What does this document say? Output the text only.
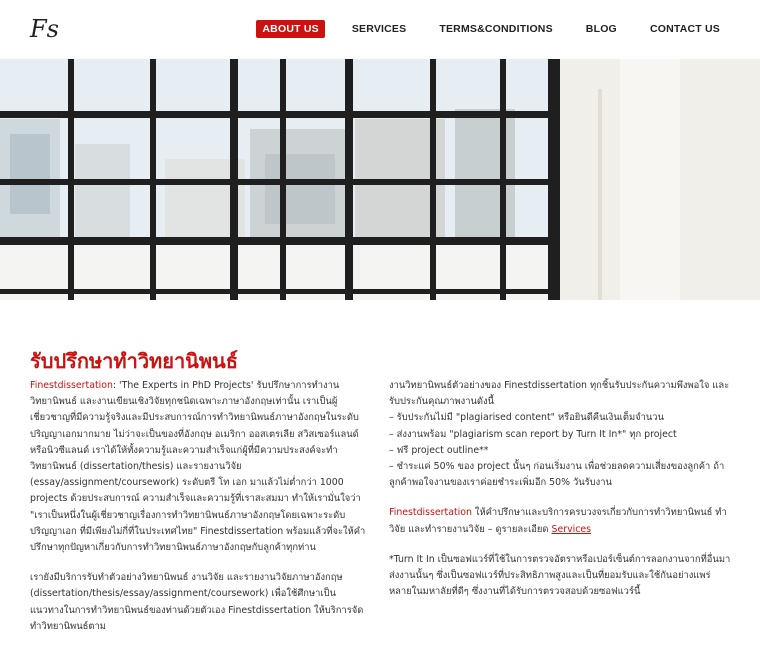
Fs	ABOUT US	SERVICES	TERMS&CONDITIONS	BLOG	CONTACT US
รับปรึกษาทำวิทยานิพนธ์

Finestdissertation: 'The Experts in PhD Projects' รับปรึกษาการทำงานวิทยานิพนธ์ และงานเขียนเชิงวิจัยทุกชนิดเฉพาะภาษาอังกฤษเท่านั้น เราเป็นผู้เชี่ยวชาญที่มีความรู้จริงและมีประสบการณ์การทำวิทยานิพนธ์ภาษาอังกฤษในระดับปริญญาเอกมากมาย ไม่ว่าจะเป็นของที่อังกฤษ อเมริกา ออสเตรเลีย สวิสเซอร์แลนด์ หรือนิวซีแลนด์ เราได้ให้ทั้งความรู้และความสำเร็จแก่ผู้ที่มีความประสงค์จะทำวิทยานิพนธ์ (dissertation/thesis) และรายงานวิจัย (essay/assignment/coursework) ระดับตรี โท เอก มาแล้วไม่ต่ำกว่า 1000 projects ด้วยประสบการณ์ ความสำเร็จและความรู้ที่เราสะสมมา ทำให้เรามั่นใจว่า "เราเป็นหนึ่งในผู้เชี่ยวชาญเรื่องการทำวิทยานิพนธ์ภาษาอังกฤษโดยเฉพาะระดับปริญญาเอก ที่มีเพียงไม่กี่ที่ในประเทศไทย" Finestdissertation พร้อมแล้วที่จะให้คำปรึกษาทุกปัญหาเกี่ยวกับการทำวิทยานิพนธ์ภาษาอังกฤษกับลูกค้าทุกท่าน

เรายังมีบริการรับทำตัวอย่างวิทยานิพนธ์ งานวิจัย และรายงานวิจัยภาษาอังกฤษ (dissertation/thesis/essay/assignment/coursework) เพื่อใช้ศึกษาเป็นแนวทางในการทำวิทยานิพนธ์ของท่านด้วยตัวเอง Finestdissertation ให้บริการจัดทำวิทยานิพนธ์ตาม

งานวิทยานิพนธ์ตัวอย่างของ Finestdissertation ทุกชิ้นรับประกันความพึงพอใจ และรับประกันคุณภาพงานดังนี้

– รับประกันไม่มี "plagiarised content" หรือยินดีคืนเงินเต็มจำนวน
– ส่งงานพร้อม "plagiarism scan report by Turn It In*" ทุก project
– ฟรี project outline**

– ชำระแค่ 50% ของ project นั้นๆ ก่อนเริ่มงาน เพื่อช่วยลดความเสี่ยงของลูกค้า ถ้าลูกค้าพอใจงานของเราค่อยชำระเพิ่มอีก 50% วันรับงาน

Finestdissertation ให้คำปรึกษาและบริการครบวงจรเกี่ยวกับการทำวิทยานิพนธ์ ทำวิจัย และทำรายงานวิจัย – ดูรายละเอียด Services

*Turn It In เป็นซอฟแวร์ที่ใช้ในการตรวจอัตราหรือเปอร์เซ็นต์การลอกงานจากที่อื่นมาส่งงานนั้นๆ ซึ่งเป็นซอฟแวร์ที่ประสิทธิภาพสูงและเป็นที่ยอมรับและใช้กันอย่างแพร่หลายในมหาลัยที่ดีๆ ซึ่งงานที่ได้รับการตรวจสอบด้วยซอฟแวร์นี้
